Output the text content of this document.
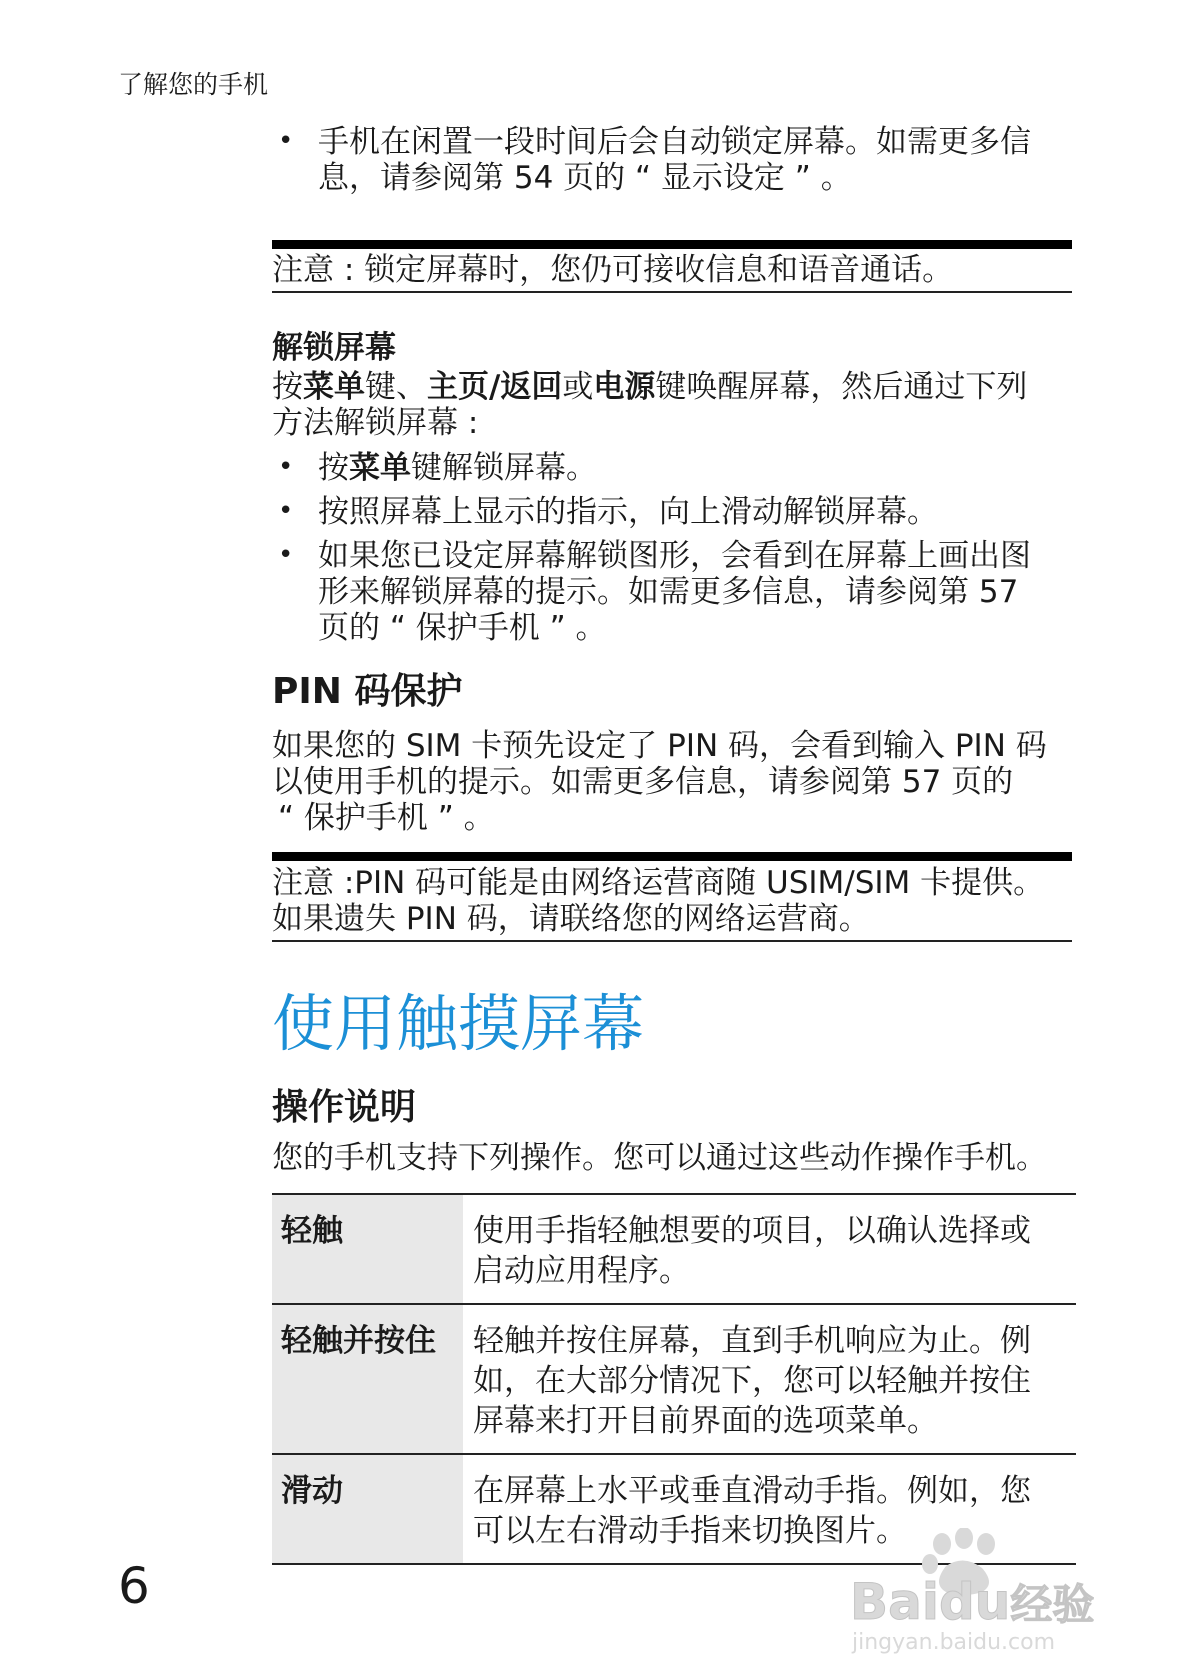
了解您的手机
• 手机在闲置一段时间后会自动锁定屏幕。如需更多信
息，请参阅第 54 页的 “ 显示设定 ” 。
注意 : 锁定屏幕时，您仍可接收信息和语音通话。
解锁屏幕
按菜单键、主页/返回或电源键唤醒屏幕，然后通过下列
方法解锁屏幕 :
• 按菜单键解锁屏幕。
• 按照屏幕上显示的指示，向上滑动解锁屏幕。
• 如果您已设定屏幕解锁图形，会看到在屏幕上画出图
形来解锁屏幕的提示。如需更多信息，请参阅第 57
页的 “ 保护手机 ” 。
PIN 码保护
如果您的 SIM 卡预先设定了 PIN 码，会看到输入 PIN 码
以使用手机的提示。如需更多信息，请参阅第 57 页的
“ 保护手机 ” 。
注意 :PIN 码可能是由网络运营商随 USIM/SIM 卡提供。
如果遗失 PIN 码，请联络您的网络运营商。
使用触摸屏幕
操作说明
您的手机支持下列操作。您可以通过这些动作操作手机。
轻触	使用手指轻触想要的项目，以确认选择或
启动应用程序。

轻触并按住	轻触并按住屏幕，直到手机响应为止。例
如，在大部分情况下，您可以轻触并按住
屏幕来打开目前界面的选项菜单。

滑动	在屏幕上水平或垂直滑动手指。例如，您
可以左右滑动手指来切换图片。
6	Baidu经验
jingyan.baidu.com
